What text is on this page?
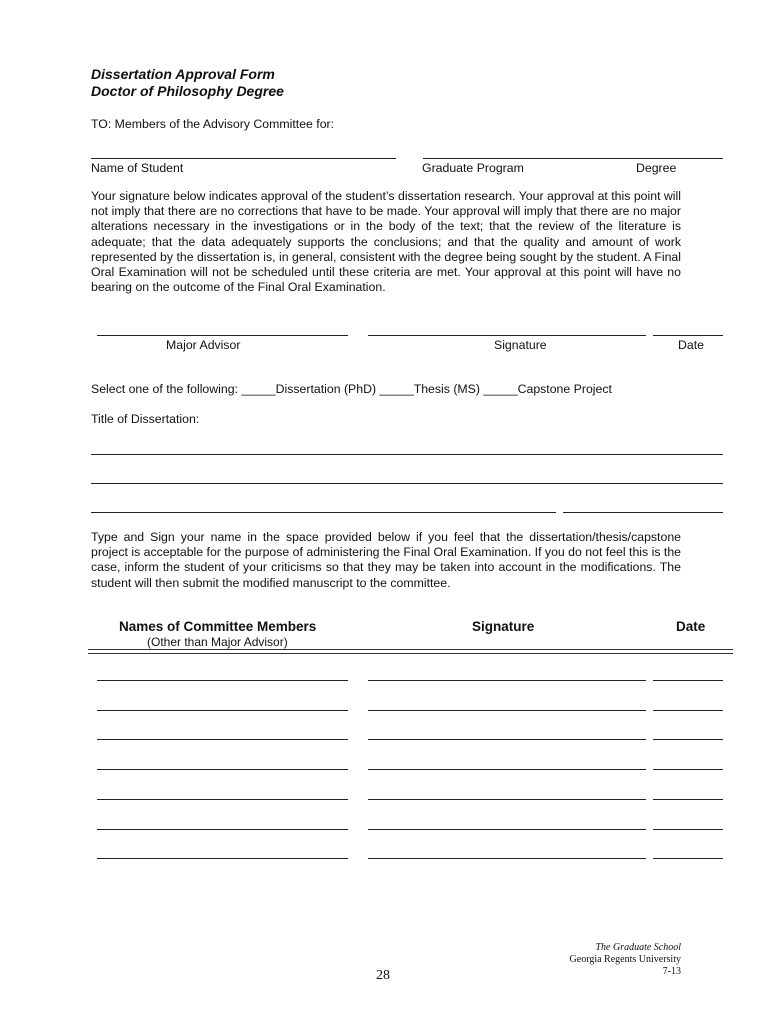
Dissertation Approval Form
Doctor of Philosophy Degree
TO: Members of the Advisory Committee for:
Name of Student	Graduate Program	Degree
Your signature below indicates approval of the student’s dissertation research. Your approval at this point will not imply that there are no corrections that have to be made. Your approval will imply that there are no major alterations necessary in the investigations or in the body of the text; that the review of the literature is adequate; that the data adequately supports the conclusions; and that the quality and amount of work represented by the dissertation is, in general, consistent with the degree being sought by the student. A Final Oral Examination will not be scheduled until these criteria are met. Your approval at this point will have no bearing on the outcome of the Final Oral Examination.
Major Advisor	Signature	Date
Select one of the following: _____Dissertation (PhD) _____Thesis (MS) _____Capstone Project
Title of Dissertation:
Type and Sign your name in the space provided below if you feel that the dissertation/thesis/capstone project is acceptable for the purpose of administering the Final Oral Examination. If you do not feel this is the case, inform the student of your criticisms so that they may be taken into account in the modifications. The student will then submit the modified manuscript to the committee.
Names of Committee Members
(Other than Major Advisor)
Signature	Date
The Graduate School
Georgia Regents University
7-13
28
